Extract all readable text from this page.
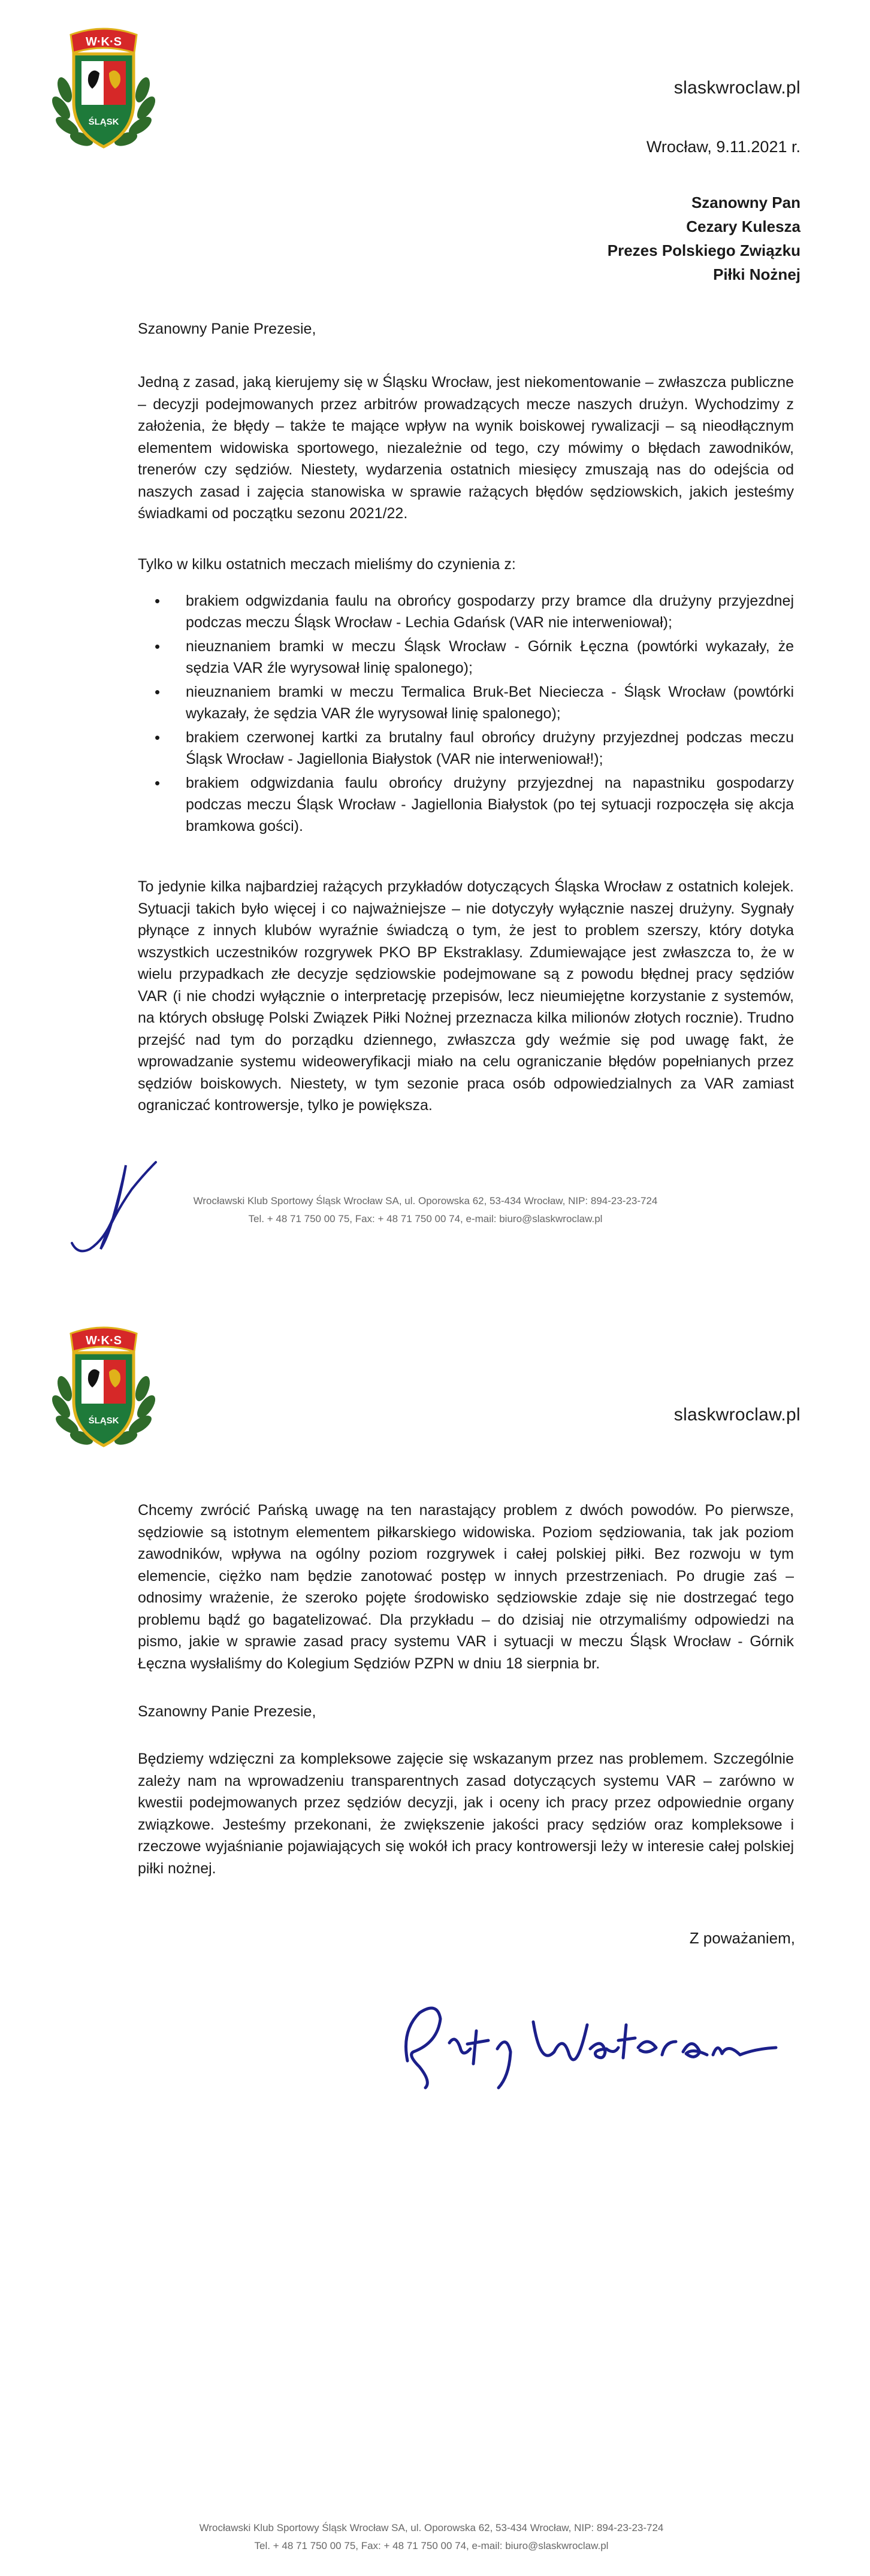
W·K·S
ŚLĄSK
slaskwroclaw.pl
Wrocław, 9.11.2021 r.
Szanowny Pan
Cezary Kulesza
Prezes Polskiego Związku
Piłki Nożnej
Szanowny Panie Prezesie,
Jedną z zasad, jaką kierujemy się w Śląsku Wrocław, jest niekomentowanie – zwłaszcza publiczne – decyzji podejmowanych przez arbitrów prowadzących mecze naszych drużyn. Wychodzimy z założenia, że błędy – także te mające wpływ na wynik boiskowej rywalizacji – są nieodłącznym elementem widowiska sportowego, niezależnie od tego, czy mówimy o błędach zawodników, trenerów czy sędziów. Niestety, wydarzenia ostatnich miesięcy zmuszają nas do odejścia od naszych zasad i zajęcia stanowiska w sprawie rażących błędów sędziowskich, jakich jesteśmy świadkami od początku sezonu 2021/22.
Tylko w kilku ostatnich meczach mieliśmy do czynienia z:
• brakiem odgwizdania faulu na obrońcy gospodarzy przy bramce dla drużyny przyjezdnej podczas meczu Śląsk Wrocław - Lechia Gdańsk (VAR nie interweniował);
• nieuznaniem bramki w meczu Śląsk Wrocław - Górnik Łęczna (powtórki wykazały, że sędzia VAR źle wyrysował linię spalonego);
• nieuznaniem bramki w meczu Termalica Bruk-Bet Nieciecza - Śląsk Wrocław (powtórki wykazały, że sędzia VAR źle wyrysował linię spalonego);
• brakiem czerwonej kartki za brutalny faul obrońcy drużyny przyjezdnej podczas meczu Śląsk Wrocław - Jagiellonia Białystok (VAR nie interweniował!);
• brakiem odgwizdania faulu obrońcy drużyny przyjezdnej na napastniku gospodarzy podczas meczu Śląsk Wrocław - Jagiellonia Białystok (po tej sytuacji rozpoczęła się akcja bramkowa gości).
To jedynie kilka najbardziej rażących przykładów dotyczących Śląska Wrocław z ostatnich kolejek. Sytuacji takich było więcej i co najważniejsze – nie dotyczyły wyłącznie naszej drużyny. Sygnały płynące z innych klubów wyraźnie świadczą o tym, że jest to problem szerszy, który dotyka wszystkich uczestników rozgrywek PKO BP Ekstraklasy. Zdumiewające jest zwłaszcza to, że w wielu przypadkach złe decyzje sędziowskie podejmowane są z powodu błędnej pracy sędziów VAR (i nie chodzi wyłącznie o interpretację przepisów, lecz nieumiejętne korzystanie z systemów, na których obsługę Polski Związek Piłki Nożnej przeznacza kilka milionów złotych rocznie). Trudno przejść nad tym do porządku dziennego, zwłaszcza gdy weźmie się pod uwagę fakt, że wprowadzanie systemu wideoweryfikacji miało na celu ograniczanie błędów popełnianych przez sędziów boiskowych. Niestety, w tym sezonie praca osób odpowiedzialnych za VAR zamiast ograniczać kontrowersje, tylko je powiększa.
Wrocławski Klub Sportowy Śląsk Wrocław SA, ul. Oporowska 62, 53-434 Wrocław, NIP: 894-23-23-724
Tel. + 48 71 750 00 75, Fax: + 48 71 750 00 74, e-mail: biuro@slaskwroclaw.pl
W·K·S
ŚLĄSK	slaskwroclaw.pl
Chcemy zwrócić Pańską uwagę na ten narastający problem z dwóch powodów. Po pierwsze, sędziowie są istotnym elementem piłkarskiego widowiska. Poziom sędziowania, tak jak poziom zawodników, wpływa na ogólny poziom rozgrywek i całej polskiej piłki. Bez rozwoju w tym elemencie, ciężko nam będzie zanotować postęp w innych przestrzeniach. Po drugie zaś – odnosimy wrażenie, że szeroko pojęte środowisko sędziowskie zdaje się nie dostrzegać tego problemu bądź go bagatelizować. Dla przykładu – do dzisiaj nie otrzymaliśmy odpowiedzi na pismo, jakie w sprawie zasad pracy systemu VAR i sytuacji w meczu Śląsk Wrocław - Górnik Łęczna wysłaliśmy do Kolegium Sędziów PZPN w dniu 18 sierpnia br.
Szanowny Panie Prezesie,
Będziemy wdzięczni za kompleksowe zajęcie się wskazanym przez nas problemem. Szczególnie zależy nam na wprowadzeniu transparentnych zasad dotyczących systemu VAR – zarówno w kwestii podejmowanych przez sędziów decyzji, jak i oceny ich pracy przez odpowiednie organy związkowe. Jesteśmy przekonani, że zwiększenie jakości pracy sędziów oraz kompleksowe i rzeczowe wyjaśnianie pojawiających się wokół ich pracy kontrowersji leży w interesie całej polskiej piłki nożnej.
Z poważaniem,
Wrocławski Klub Sportowy Śląsk Wrocław SA, ul. Oporowska 62, 53-434 Wrocław, NIP: 894-23-23-724
Tel. + 48 71 750 00 75, Fax: + 48 71 750 00 74, e-mail: biuro@slaskwroclaw.pl
